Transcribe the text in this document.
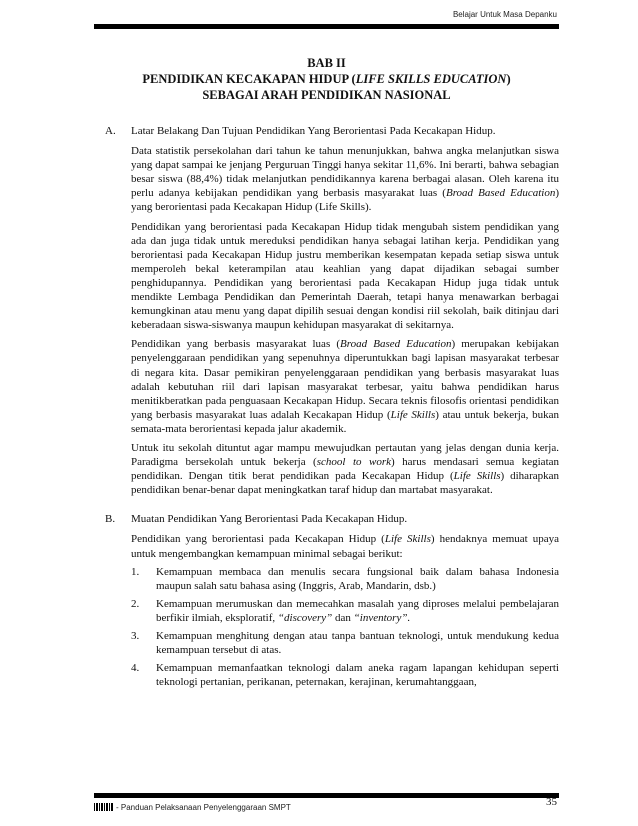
Belajar Untuk Masa Depanku
BAB II
PENDIDIKAN KECAKAPAN HIDUP (LIFE SKILLS EDUCATION)
SEBAGAI ARAH PENDIDIKAN NASIONAL
A.	Latar Belakang Dan Tujuan Pendidikan Yang Berorientasi Pada Kecakapan Hidup.

Data statistik persekolahan dari tahun ke tahun menunjukkan, bahwa angka melanjutkan siswa yang dapat sampai ke jenjang Perguruan Tinggi hanya sekitar 11,6%. Ini berarti, bahwa sebagian besar siswa (88,4%) tidak melanjutkan pendidikannya karena berbagai alasan. Oleh karena itu perlu adanya kebijakan pendidikan yang berbasis masyarakat luas (Broad Based Education) yang berorientasi pada Kecakapan Hidup (Life Skills).

Pendidikan yang berorientasi pada Kecakapan Hidup tidak mengubah sistem pendidikan yang ada dan juga tidak untuk mereduksi pendidikan hanya sebagai latihan kerja. Pendidikan yang berorientasi pada Kecakapan Hidup justru memberikan kesempatan kepada setiap siswa untuk memperoleh bekal keterampilan atau keahlian yang dapat dijadikan sebagai sumber penghidupannya. Pendidikan yang berorientasi pada Kecakapan Hidup juga tidak untuk mendikte Lembaga Pendidikan dan Pemerintah Daerah, tetapi hanya menawarkan berbagai kemungkinan atau menu yang dapat dipilih sesuai dengan kondisi riil sekolah, baik ditinjau dari keberadaan siswa-siswanya maupun kehidupan masyarakat di sekitarnya.

Pendidikan yang berbasis masyarakat luas (Broad Based Education) merupakan kebijakan penyelenggaraan pendidikan yang sepenuhnya diperuntukkan bagi lapisan masyarakat terbesar di negara kita. Dasar pemikiran penyelenggaraan pendidikan yang berbasis masyarakat luas adalah kebutuhan riil dari lapisan masyarakat terbesar, yaitu bahwa pendidikan harus menitikberatkan pada penguasaan Kecakapan Hidup. Secara teknis filosofis orientasi pendidikan yang berbasis masyarakat luas adalah Kecakapan Hidup (Life Skills) atau untuk bekerja, bukan semata-mata berorientasi kepada jalur akademik.

Untuk itu sekolah dituntut agar mampu mewujudkan pertautan yang jelas dengan dunia kerja. Paradigma bersekolah untuk bekerja (school to work) harus mendasari semua kegiatan pendidikan. Dengan titik berat pendidikan pada Kecakapan Hidup (Life Skills) diharapkan pendidikan benar-benar dapat meningkatkan taraf hidup dan martabat masyarakat.

B.	Muatan Pendidikan Yang Berorientasi Pada Kecakapan Hidup.

Pendidikan yang berorientasi pada Kecakapan Hidup (Life Skills) hendaknya memuat upaya untuk mengembangkan kemampuan minimal sebagai berikut:

1.	Kemampuan membaca dan menulis secara fungsional baik dalam bahasa Indonesia maupun salah satu bahasa asing (Inggris, Arab, Mandarin, dsb.)
2.	Kemampuan merumuskan dan memecahkan masalah yang diproses melalui pembelajaran berfikir ilmiah, eksploratif, “discovery” dan “inventory”.
3.	Kemampuan menghitung dengan atau tanpa bantuan teknologi, untuk mendukung kedua kemampuan tersebut di atas.
4.	Kemampuan memanfaatkan teknologi dalam aneka ragam lapangan kehidupan seperti teknologi pertanian, perikanan, peternakan, kerajinan, kerumahtanggaan,
35
- Panduan Pelaksanaan Penyelenggaraan SMPT
